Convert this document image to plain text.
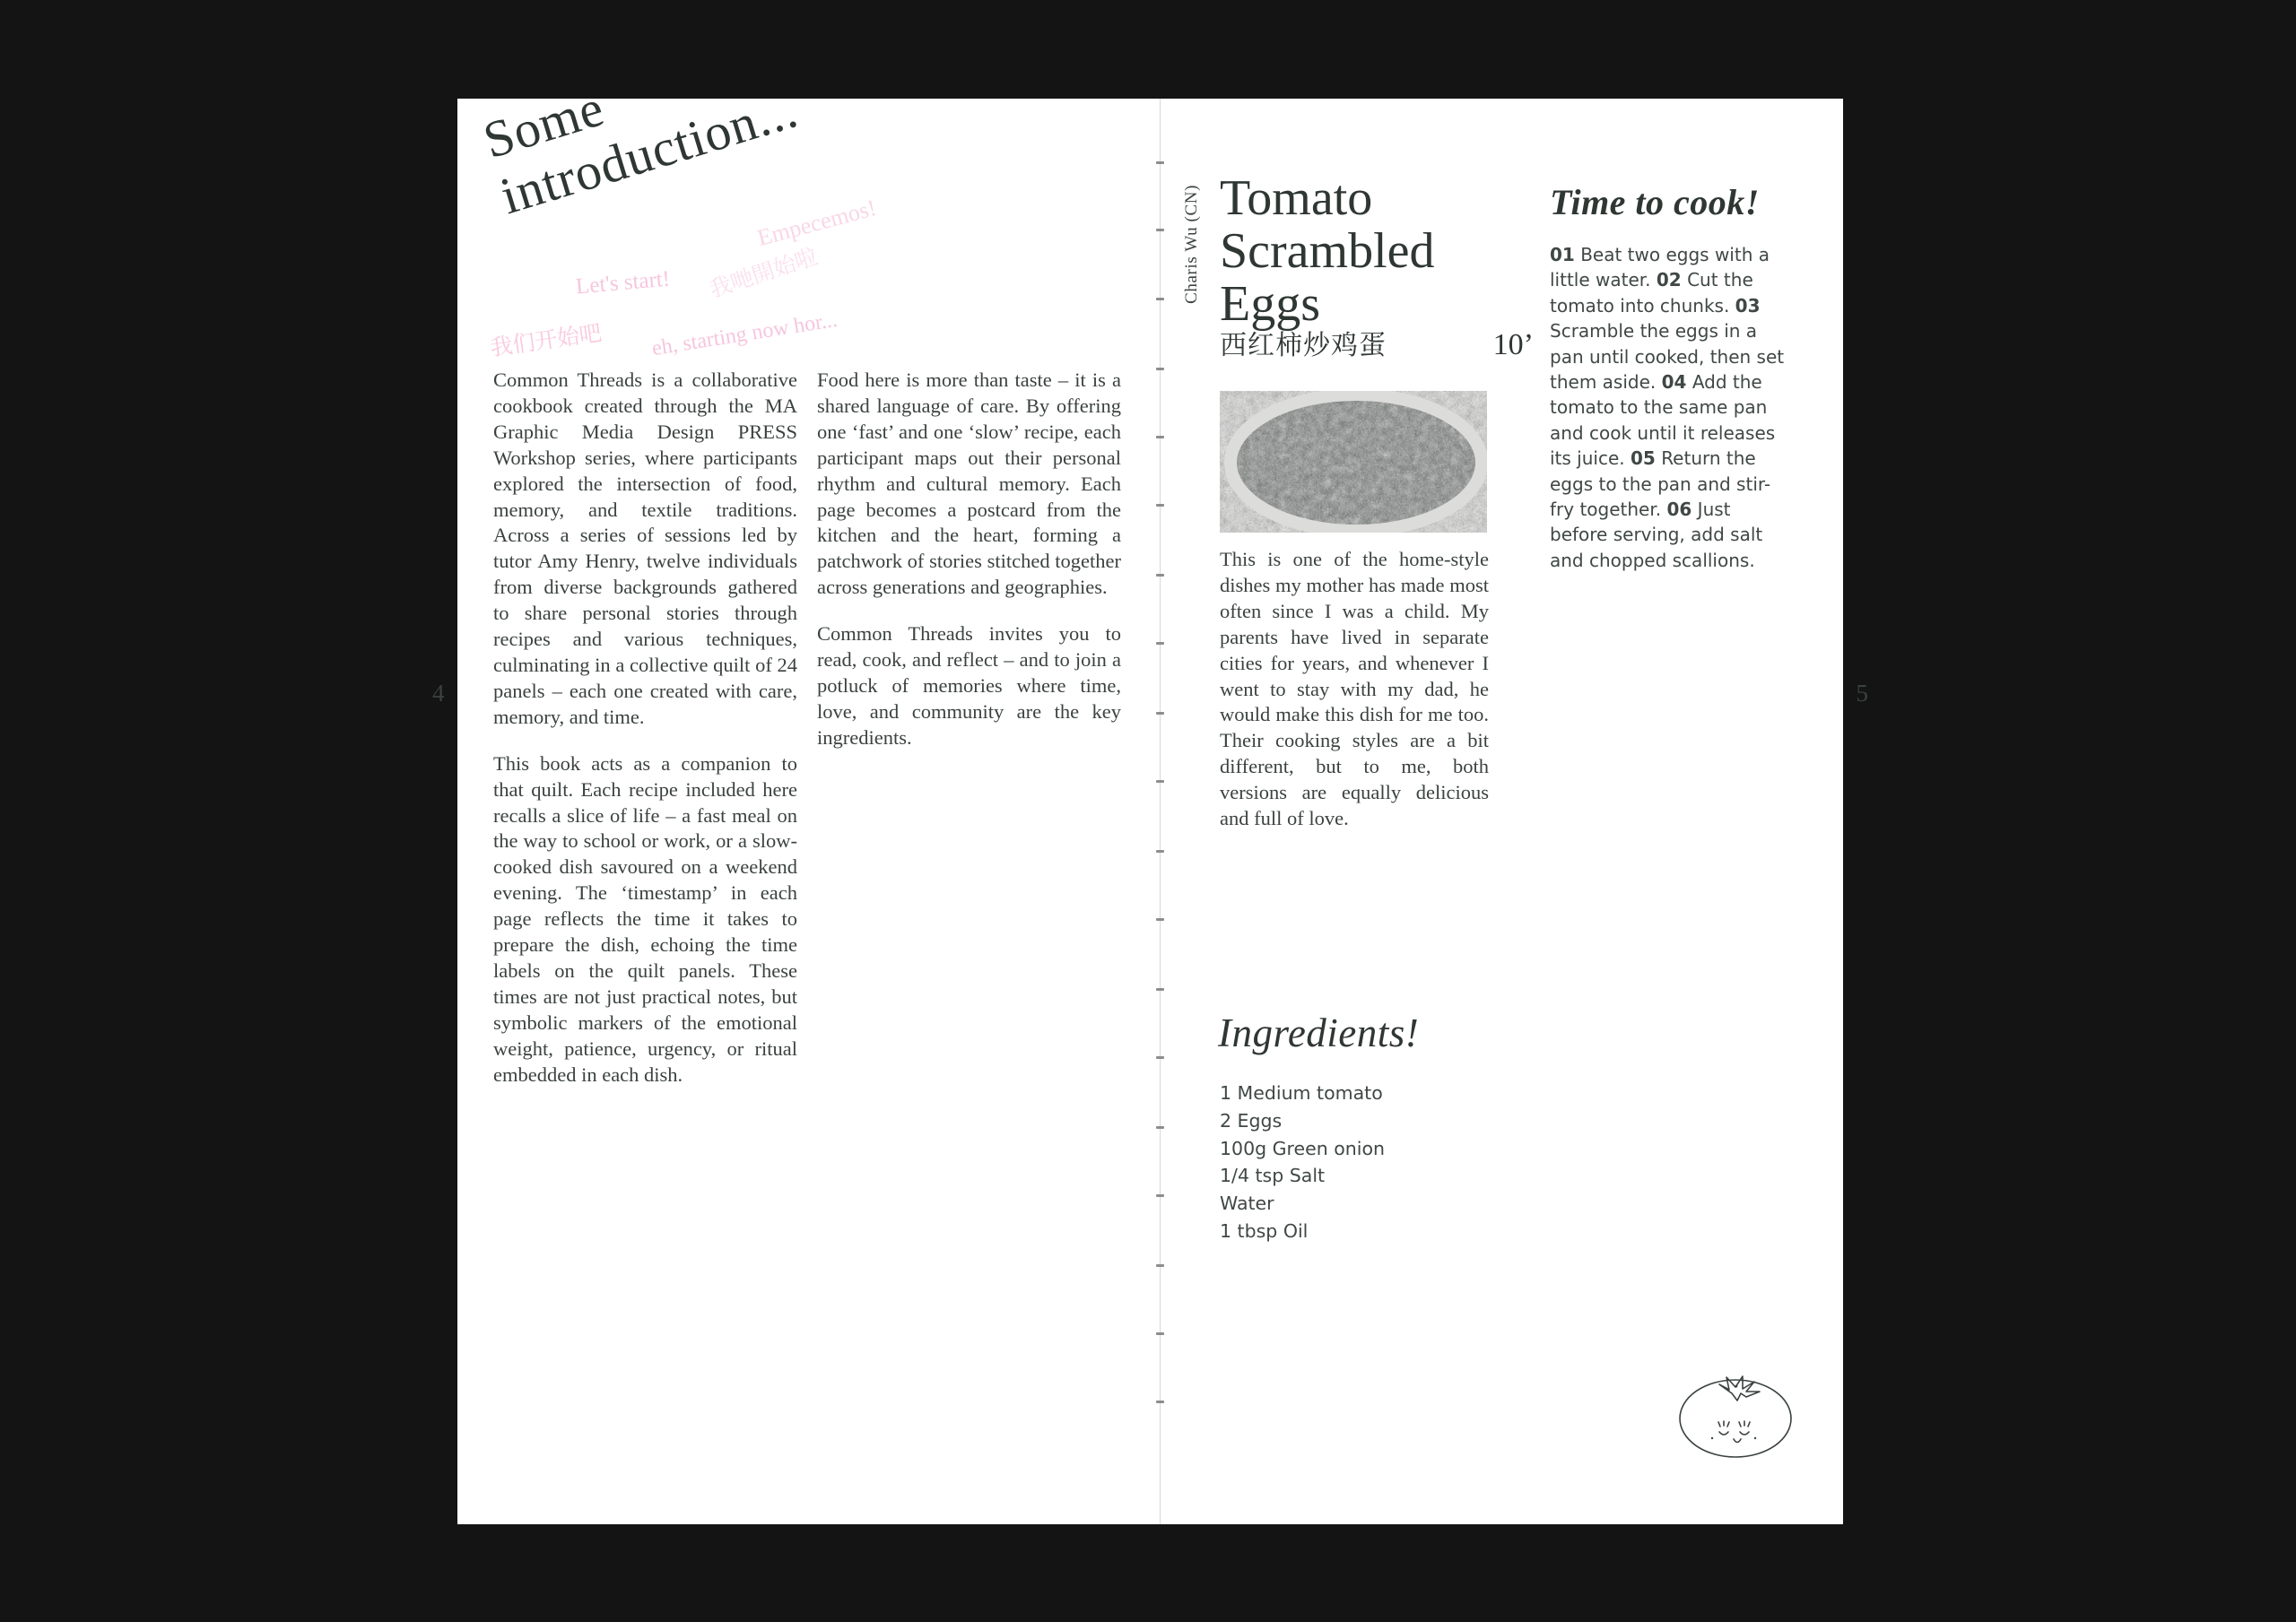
Some introduction...
Let's start!
Empecemos!
我哋開始啦
我们开始吧 eh, starting now hor...

Common Threads is a collaborative cookbook created through the MA Graphic Media Design PRESS Workshop series, where participants explored the intersection of food, memory, and textile traditions. Across a series of sessions led by tutor Amy Henry, twelve individuals from diverse backgrounds gathered to share personal stories through recipes and various techniques, culminating in a collective quilt of 24 panels – each one created with care, memory, and time.

This book acts as a companion to that quilt. Each recipe included here recalls a slice of life – a fast meal on the way to school or work, or a slow-cooked dish savoured on a weekend evening. The ‘timestamp’ in each page reflects the time it takes to prepare the dish, echoing the time labels on the quilt panels. These times are not just practical notes, but symbolic markers of the emotional weight, patience, urgency, or ritual embedded in each dish.

Food here is more than taste – it is a shared language of care. By offering one ‘fast’ and one ‘slow’ recipe, each participant maps out their personal rhythm and cultural memory. Each page becomes a postcard from the kitchen and the heart, forming a patchwork of stories stitched together across generations and geographies.

Common Threads invites you to read, cook, and reflect – and to join a potluck of memories where time, love, and community are the key ingredients.

4
Charis Wu (CN) Tomato Scrambled Eggs
西红柿炒鸡蛋	10’

This is one of the home-style dishes my mother has made most often since I was a child. My parents have lived in separate cities for years, and whenever I went to stay with my dad, he would make this dish for me too. Their cooking styles are a bit different, but to me, both versions are equally delicious and full of love.

Time to cook!
01 Beat two eggs with a little water. 02 Cut the tomato into chunks. 03 Scramble the eggs in a pan until cooked, then set them aside. 04 Add the tomato to the same pan and cook until it releases its juice. 05 Return the eggs to the pan and stir-fry together. 06 Just before serving, add salt and chopped scallions.
Ingredients!
1 Medium tomato
2 Eggs
100g Green onion
1/4 tsp Salt
Water
1 tbsp Oil
5
